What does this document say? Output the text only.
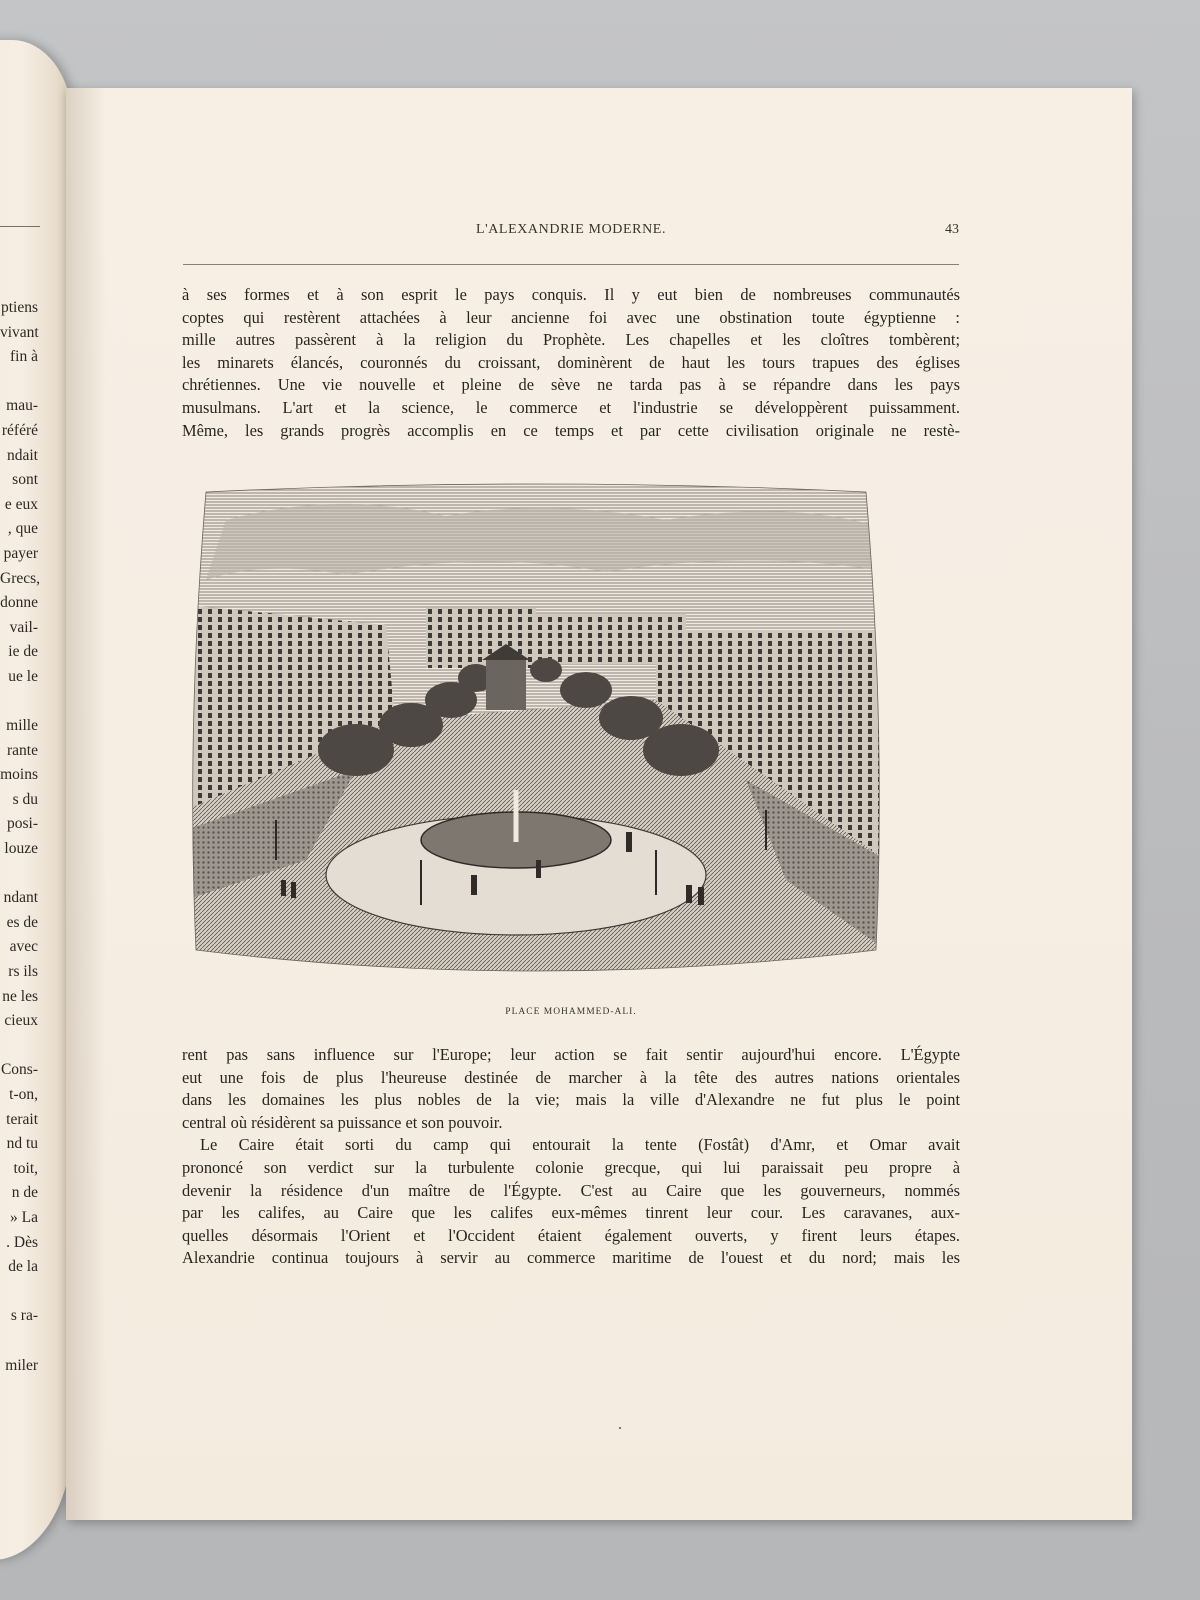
ptiens
vivant
fin à
mau-
référé
ndait
sont
e eux
, que
payer
Grecs,
donne
vail-
ie de
ue le
mille
rante
moins
s du
posi-
louze
ndant
es de
avec
rs ils
ne les
cieux
Cons-
t-on,
terait
nd tu
toit,
n de
» La
. Dès
de la
s ra-
miler
L'ALEXANDRIE MODERNE.	43
à ses formes et à son esprit le pays conquis. Il y eut bien de nombreuses communautés
coptes qui restèrent attachées à leur ancienne foi avec une obstination toute égyptienne :
mille autres passèrent à la religion du Prophète. Les chapelles et les cloîtres tombèrent;
les minarets élancés, couronnés du croissant, dominèrent de haut les tours trapues des églises
chrétiennes. Une vie nouvelle et pleine de sève ne tarda pas à se répandre dans les pays
musulmans. L'art et la science, le commerce et l'industrie se développèrent puissamment.
Même, les grands progrès accomplis en ce temps et par cette civilisation originale ne restè-
PLACE MOHAMMED-ALI.
rent pas sans influence sur l'Europe; leur action se fait sentir aujourd'hui encore. L'Égypte
eut une fois de plus l'heureuse destinée de marcher à la tête des autres nations orientales
dans les domaines les plus nobles de la vie; mais la ville d'Alexandre ne fut plus le point
central où résidèrent sa puissance et son pouvoir.
Le Caire était sorti du camp qui entourait la tente (Fostât) d'Amr, et Omar avait
prononcé son verdict sur la turbulente colonie grecque, qui lui paraissait peu propre à
devenir la résidence d'un maître de l'Égypte. C'est au Caire que les gouverneurs, nommés
par les califes, au Caire que les califes eux-mêmes tinrent leur cour. Les caravanes, aux-
quelles désormais l'Orient et l'Occident étaient également ouverts, y firent leurs étapes.
Alexandrie continua toujours à servir au commerce maritime de l'ouest et du nord; mais les
